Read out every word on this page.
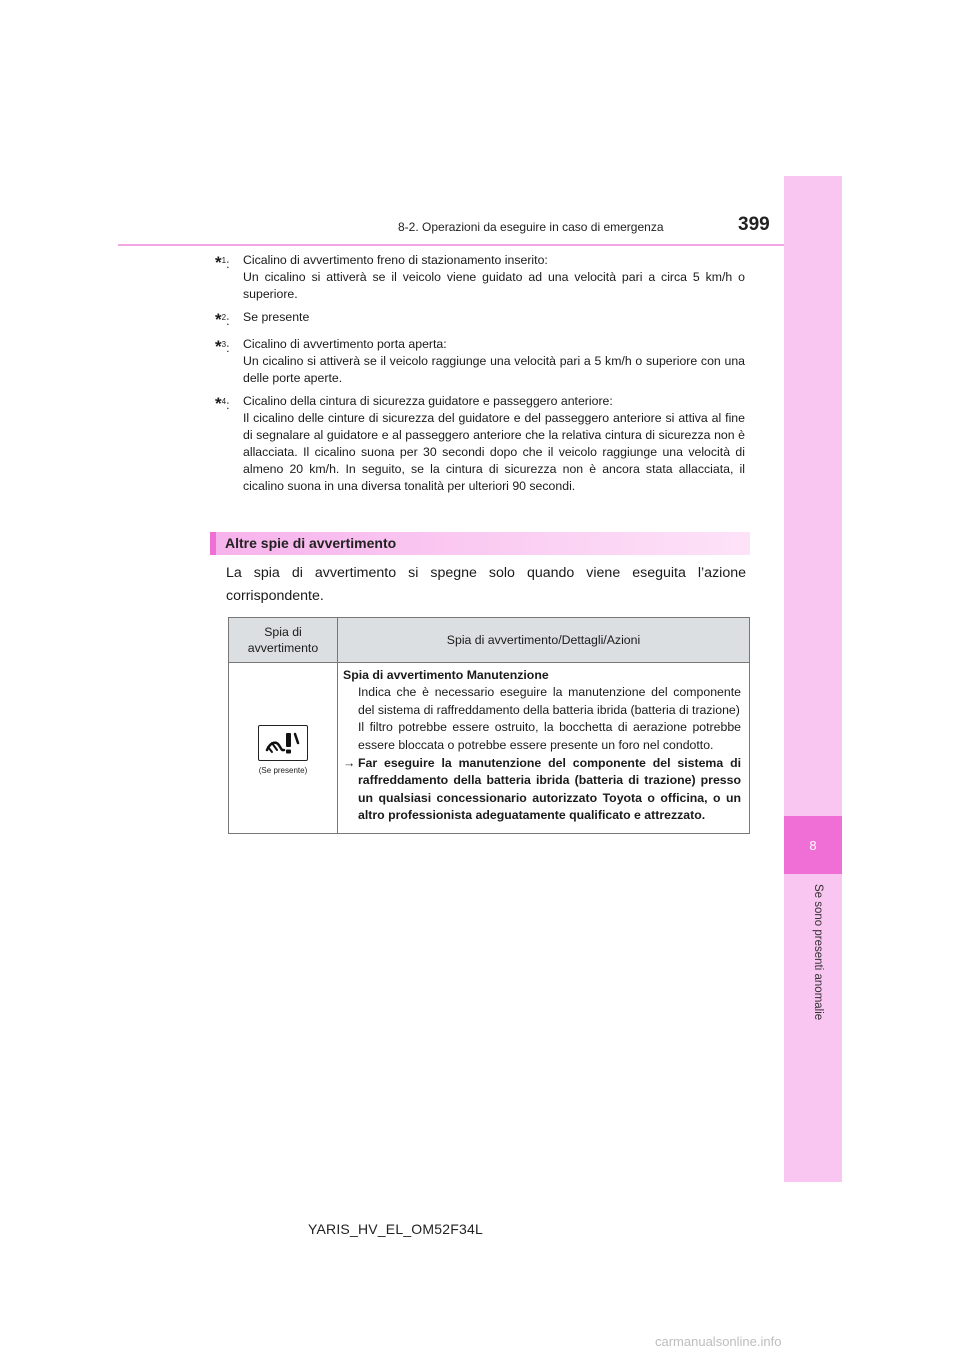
8
Se sono presenti anomalie
8-2. Operazioni da eseguire in caso di emergenza	399
*$^1$:	Cicalino di avvertimento freno di stazionamento inserito:
Un cicalino si attiverà se il veicolo viene guidato ad una velocità pari a circa 5 km/h o superiore.
*$^2$:	Se presente
*$^3$:	Cicalino di avvertimento porta aperta:
Un cicalino si attiverà se il veicolo raggiunge una velocità pari a 5 km/h o superiore con una delle porte aperte.
*$^4$:	Cicalino della cintura di sicurezza guidatore e passeggero anteriore:
Il cicalino delle cinture di sicurezza del guidatore e del passeggero anteriore si attiva al fine di segnalare al guidatore e al passeggero anteriore che la relativa cintura di sicurezza non è allacciata. Il cicalino suona per 30 secondi dopo che il veicolo raggiunge una velocità di almeno 20 km/h. In seguito, se la cintura di sicurezza non è ancora stata allacciata, il cicalino suona in una diversa tonalità per ulteriori 90 secondi.
Altre spie di avvertimento
La spia di avvertimento si spegne solo quando viene eseguita l’azione corrispondente.
Spia di avvertimento	Spia di avvertimento/Dettagli/Azioni

(Se presente)	Spia di avvertimento Manutenzione
Indica che è necessario eseguire la manutenzione del componente del sistema di raffreddamento della batteria ibrida (batteria di trazione)
Il filtro potrebbe essere ostruito, la bocchetta di aerazione potrebbe essere bloccata o potrebbe essere presente un foro nel condotto.
→ Far eseguire la manutenzione del componente del sistema di raffreddamento della batteria ibrida (batteria di trazione) presso un qualsiasi concessionario autorizzato Toyota o officina, o un altro professionista adeguatamente qualificato e attrezzato.
YARIS_HV_EL_OM52F34L
carmanualsonline.info
